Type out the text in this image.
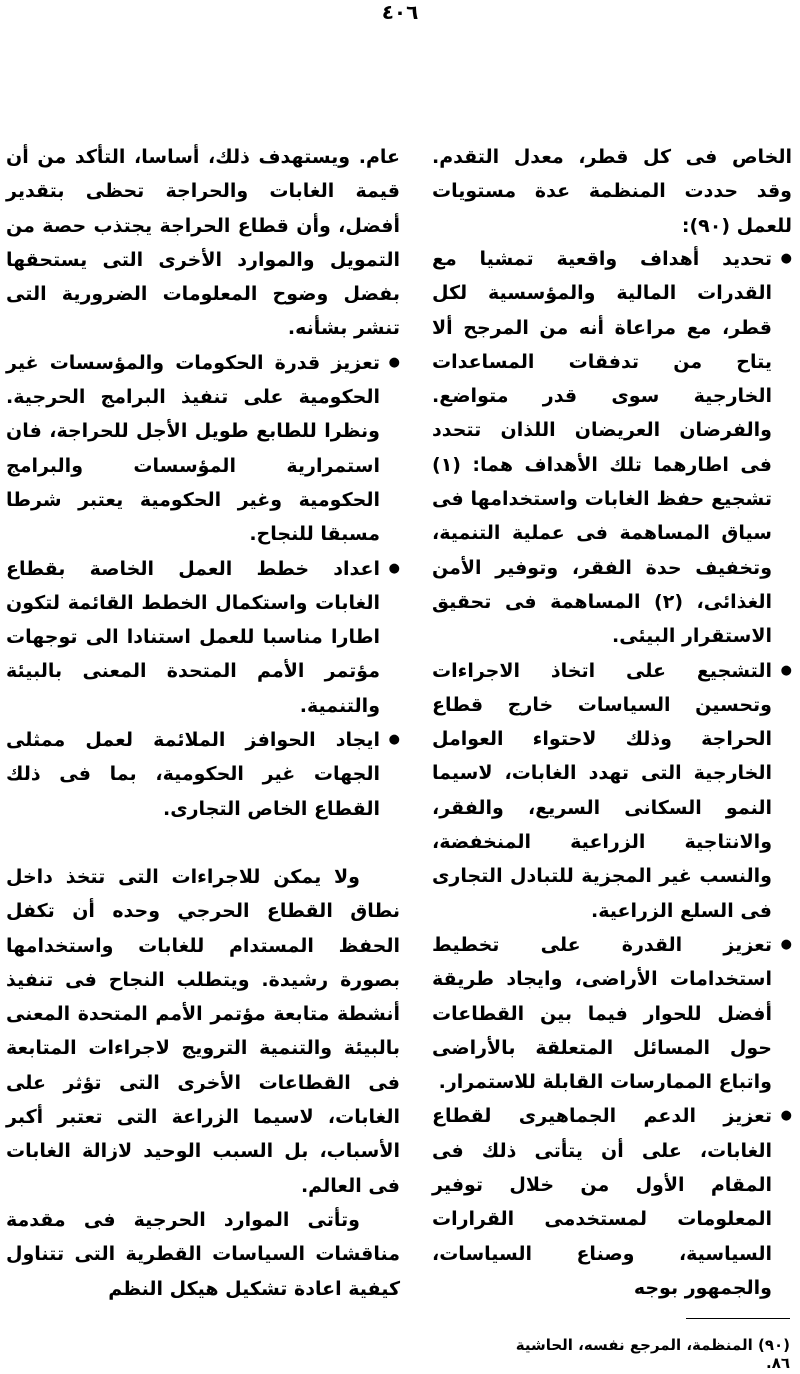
٤٠٦

الخاص فى كل قطر، معدل التقدم. وقد حددت المنظمة عدة مستويات للعمل (٩٠):

● تحديد أهداف واقعية تمشيا مع القدرات المالية والمؤسسية لكل قطر، مع مراعاة أنه من المرجح ألا يتاح من تدفقات المساعدات الخارجية سوى قدر متواضع. والفرضان العريضان اللذان تتحدد فى اطارهما تلك الأهداف هما: (١) تشجيع حفظ الغابات واستخدامها فى سياق المساهمة فى عملية التنمية، وتخفيف حدة الفقر، وتوفير الأمن الغذائى، (٢) المساهمة فى تحقيق الاستقرار البيئى.
● التشجيع على اتخاذ الاجراءات وتحسين السياسات خارج قطاع الحراجة وذلك لاحتواء العوامل الخارجية التى تهدد الغابات، لاسيما النمو السكانى السريع، والفقر، والانتاجية الزراعية المنخفضة، والنسب غير المجزية للتبادل التجارى فى السلع الزراعية.
● تعزيز القدرة على تخطيط استخدامات الأراضى، وايجاد طريقة أفضل للحوار فيما بين القطاعات حول المسائل المتعلقة بالأراضى واتباع الممارسات القابلة للاستمرار.
● تعزيز الدعم الجماهيرى لقطاع الغابات، على أن يتأتى ذلك فى المقام الأول من خلال توفير المعلومات لمستخدمى القرارات السياسية، وصناع السياسات، والجمهور بوجه
(٩٠) المنظمة، المرجع نفسه، الحاشية ٨٦.

عام. ويستهدف ذلك، أساسا، التأكد من أن قيمة الغابات والحراجة تحظى بتقدير أفضل، وأن قطاع الحراجة يجتذب حصة من التمويل والموارد الأخرى التى يستحقها بفضل وضوح المعلومات الضرورية التى تنشر بشأنه.

● تعزيز قدرة الحكومات والمؤسسات غير الحكومية على تنفيذ البرامج الحرجية. ونظرا للطابع طويل الأجل للحراجة، فان استمرارية المؤسسات والبرامج الحكومية وغير الحكومية يعتبر شرطا مسبقا للنجاح.
● اعداد خطط العمل الخاصة بقطاع الغابات واستكمال الخطط القائمة لتكون اطارا مناسبا للعمل استنادا الى توجهات مؤتمر الأمم المتحدة المعنى بالبيئة والتنمية.
● ايجاد الحوافز الملائمة لعمل ممثلى الجهات غير الحكومية، بما فى ذلك القطاع الخاص التجارى.

ولا يمكن للاجراءات التى تتخذ داخل نطاق القطاع الحرجي وحده أن تكفل الحفظ المستدام للغابات واستخدامها بصورة رشيدة. ويتطلب النجاح فى تنفيذ أنشطة متابعة مؤتمر الأمم المتحدة المعنى بالبيئة والتنمية الترويج لاجراءات المتابعة فى القطاعات الأخرى التى تؤثر على الغابات، لاسيما الزراعة التى تعتبر أكبر الأسباب، بل السبب الوحيد لازالة الغابات فى العالم.

وتأتى الموارد الحرجية فى مقدمة مناقشات السياسات القطرية التى تتناول كيفية اعادة تشكيل هيكل النظم
